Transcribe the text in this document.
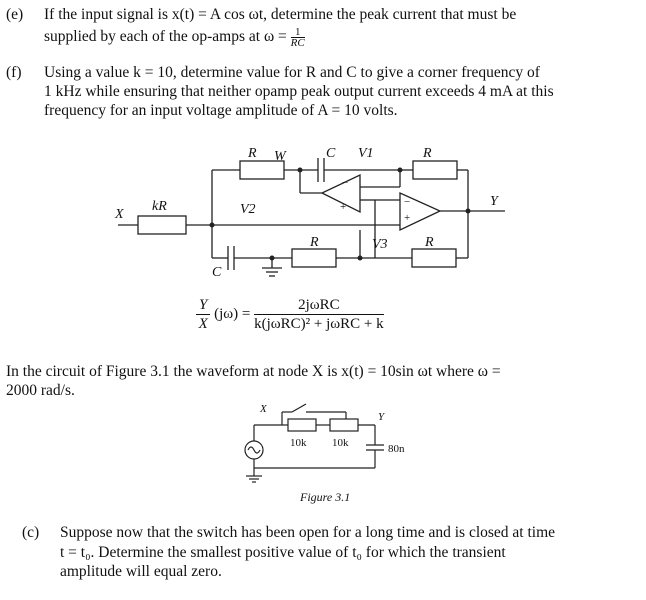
(e) If the input signal is x(t) = A cos ωt, determine the peak current that must be
supplied by each of the op-amps at $\omega = \frac{1}{RC}$
(f) Using a value k = 10, determine value for R and C to give a corner frequency of
1 kHz while ensuring that neither opamp peak output current exceeds 4 mA at this
frequency for an input voltage amplitude of A = 10 volts.
−
+	−
+
R W	C V1	R
X
kR	V2
R	V3	R
Y
C
X
Y
10k 10k	80n
$\frac{Y}{X} (j\omega) = \frac{\text{2jωRC}}{\text{k(jωRC)² + jωRC + k}}$
In the circuit of Figure 3.1 the waveform at node X is x(t) = 10sin ωt where ω =
2000 rad/s.
Figure 3.1
(c) Suppose now that the switch has been open for a long time and is closed at time
t = t₀. Determine the smallest positive value of t₀ for which the transient
amplitude will equal zero.
